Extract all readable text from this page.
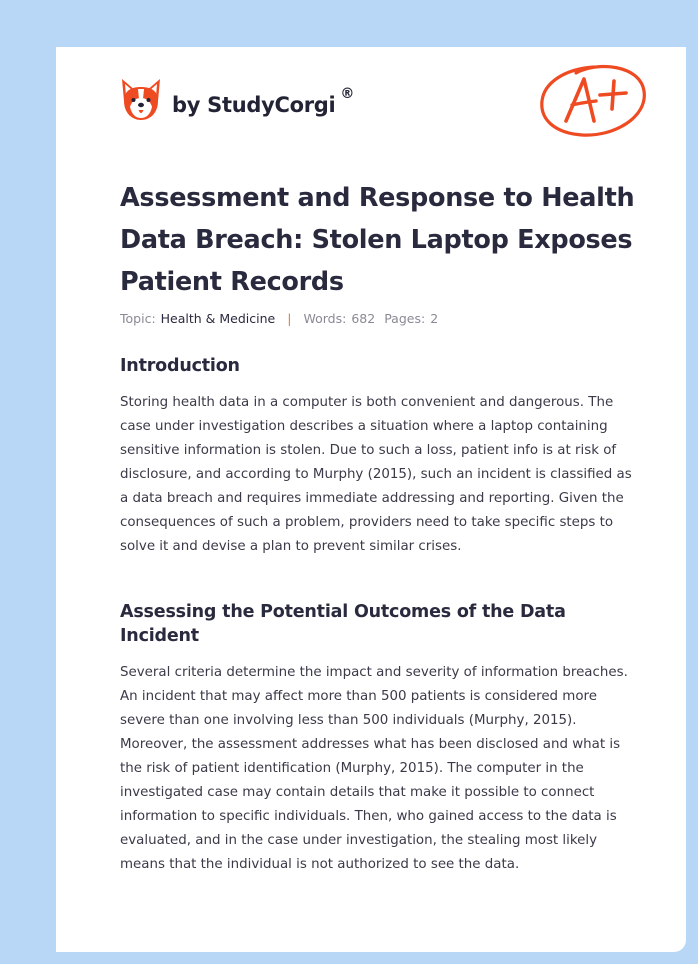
by StudyCorgi ®
Assessment and Response to Health Data Breach: Stolen Laptop Exposes Patient Records
Topic: Health & Medicine | Words: 682 Pages: 2
Introduction

Storing health data in a computer is both convenient and dangerous. The case under investigation describes a situation where a laptop containing sensitive information is stolen. Due to such a loss, patient info is at risk of disclosure, and according to Murphy (2015), such an incident is classified as a data breach and requires immediate addressing and reporting. Given the consequences of such a problem, providers need to take specific steps to solve it and devise a plan to prevent similar crises.

Assessing the Potential Outcomes of the Data Incident

Several criteria determine the impact and severity of information breaches. An incident that may affect more than 500 patients is considered more severe than one involving less than 500 individuals (Murphy, 2015). Moreover, the assessment addresses what has been disclosed and what is the risk of patient identification (Murphy, 2015). The computer in the investigated case may contain details that make it possible to connect information to specific individuals. Then, who gained access to the data is evaluated, and in the case under investigation, the stealing most likely means that the individual is not authorized to see the data.
